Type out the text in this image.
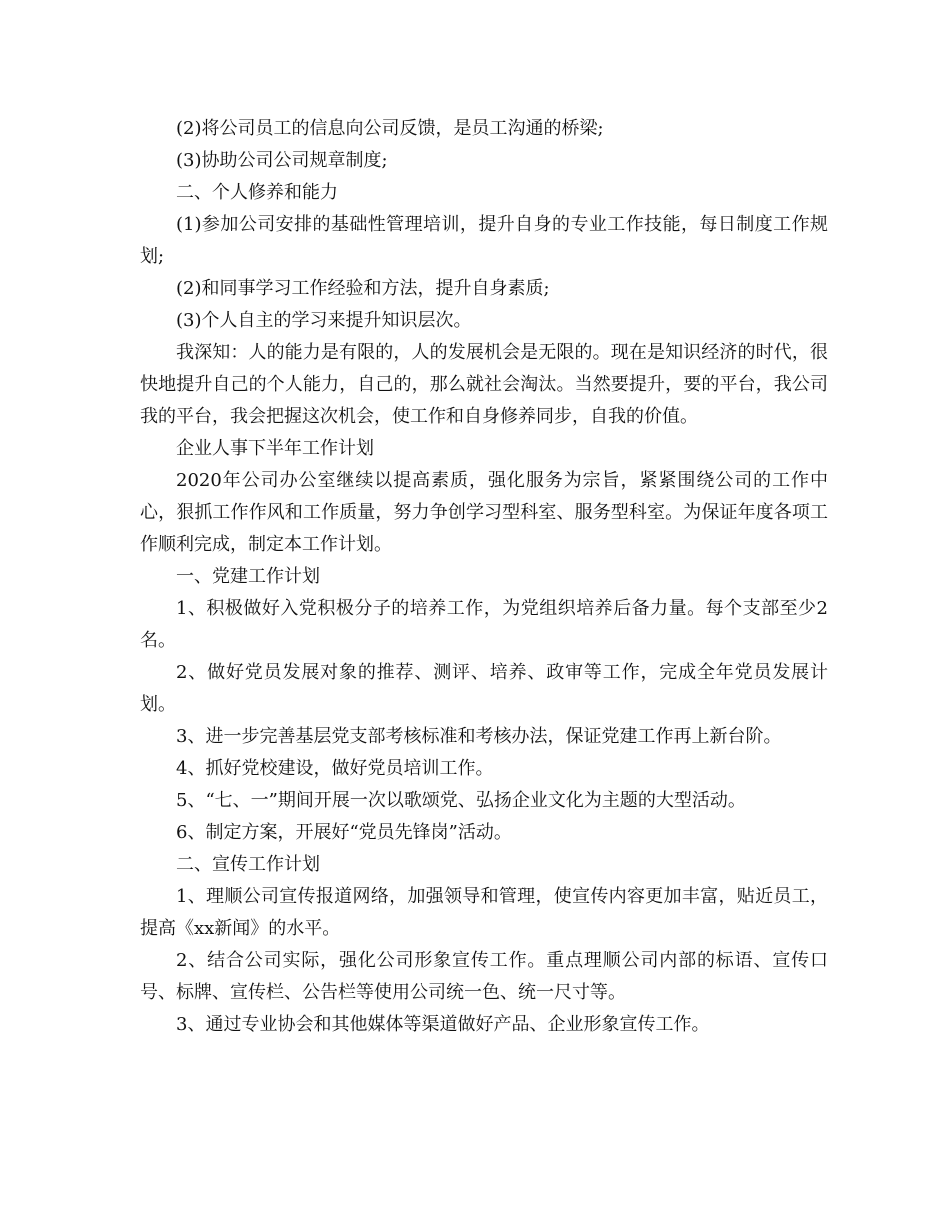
(2)将公司员工的信息向公司反馈，是员工沟通的桥梁;

(3)协助公司公司规章制度;

二、个人修养和能力

(1)参加公司安排的基础性管理培训，提升自身的专业工作技能，每日制度工作规划;

(2)和同事学习工作经验和方法，提升自身素质;

(3)个人自主的学习来提升知识层次。

我深知：人的能力是有限的，人的发展机会是无限的。现在是知识经济的时代，很快地提升自己的个人能力，自己的，那么就社会淘汰。当然要提升，要的平台，我公司我的平台，我会把握这次机会，使工作和自身修养同步，自我的价值。

企业人事下半年工作计划

2020年公司办公室继续以提高素质，强化服务为宗旨，紧紧围绕公司的工作中心，狠抓工作作风和工作质量，努力争创学习型科室、服务型科室。为保证年度各项工作顺利完成，制定本工作计划。

一、党建工作计划

1、积极做好入党积极分子的培养工作，为党组织培养后备力量。每个支部至少2名。

2、做好党员发展对象的推荐、测评、培养、政审等工作，完成全年党员发展计划。

3、进一步完善基层党支部考核标准和考核办法，保证党建工作再上新台阶。

4、抓好党校建设，做好党员培训工作。

5、“七、一”期间开展一次以歌颂党、弘扬企业文化为主题的大型活动。

6、制定方案，开展好“党员先锋岗”活动。

二、宣传工作计划

1、理顺公司宣传报道网络，加强领导和管理，使宣传内容更加丰富，贴近员工，提高《xx新闻》的水平。

2、结合公司实际，强化公司形象宣传工作。重点理顺公司内部的标语、宣传口号、标牌、宣传栏、公告栏等使用公司统一色、统一尺寸等。

3、通过专业协会和其他媒体等渠道做好产品、企业形象宣传工作。
